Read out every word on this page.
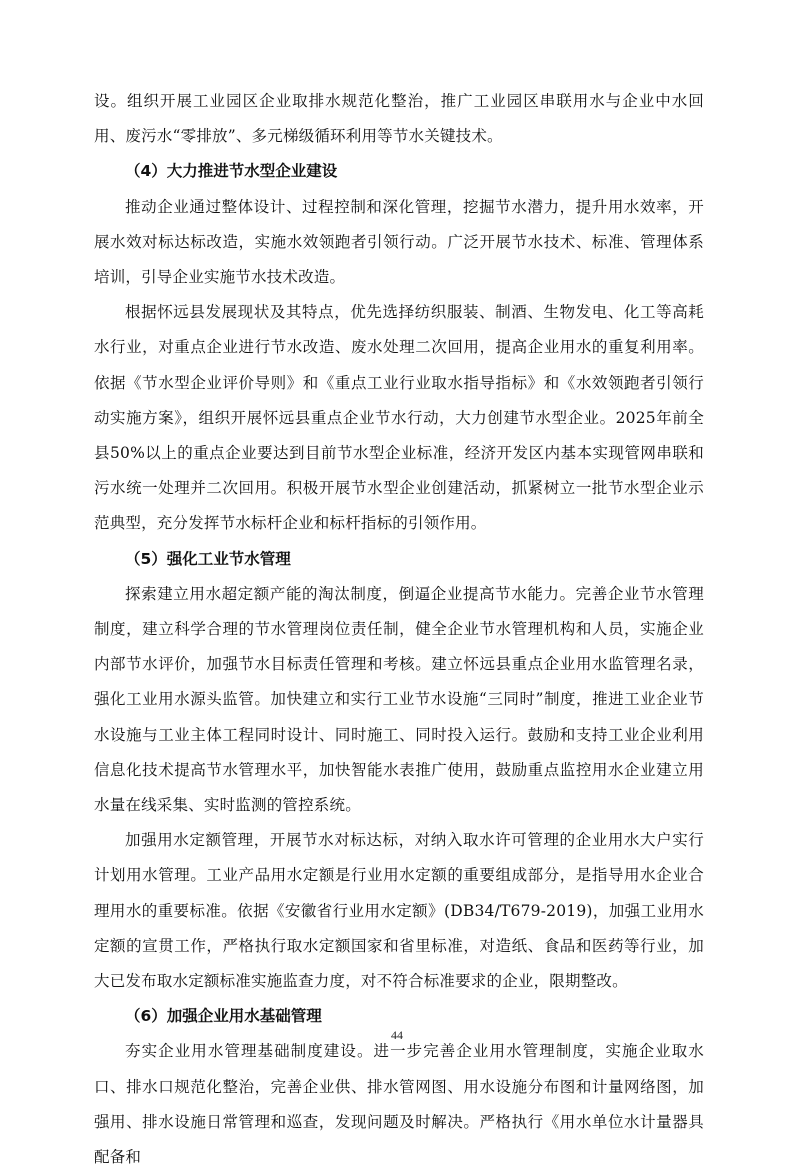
设。组织开展工业园区企业取排水规范化整治，推广工业园区串联用水与企业中水回用、废污水“零排放”、多元梯级循环利用等节水关键技术。

（4）大力推进节水型企业建设

推动企业通过整体设计、过程控制和深化管理，挖掘节水潜力，提升用水效率，开展水效对标达标改造，实施水效领跑者引领行动。广泛开展节水技术、标准、管理体系培训，引导企业实施节水技术改造。

根据怀远县发展现状及其特点，优先选择纺织服装、制酒、生物发电、化工等高耗水行业，对重点企业进行节水改造、废水处理二次回用，提高企业用水的重复利用率。依据《节水型企业评价导则》和《重点工业行业取水指导指标》和《水效领跑者引领行动实施方案》，组织开展怀远县重点企业节水行动，大力创建节水型企业。2025年前全县50%以上的重点企业要达到目前节水型企业标准，经济开发区内基本实现管网串联和污水统一处理并二次回用。积极开展节水型企业创建活动，抓紧树立一批节水型企业示范典型，充分发挥节水标杆企业和标杆指标的引领作用。

（5）强化工业节水管理

探索建立用水超定额产能的淘汰制度，倒逼企业提高节水能力。完善企业节水管理制度，建立科学合理的节水管理岗位责任制，健全企业节水管理机构和人员，实施企业内部节水评价，加强节水目标责任管理和考核。建立怀远县重点企业用水监管理名录，强化工业用水源头监管。加快建立和实行工业节水设施“三同时”制度，推进工业企业节水设施与工业主体工程同时设计、同时施工、同时投入运行。鼓励和支持工业企业利用信息化技术提高节水管理水平，加快智能水表推广使用，鼓励重点监控用水企业建立用水量在线采集、实时监测的管控系统。

加强用水定额管理，开展节水对标达标，对纳入取水许可管理的企业用水大户实行计划用水管理。工业产品用水定额是行业用水定额的重要组成部分，是指导用水企业合理用水的重要标准。依据《安徽省行业用水定额》(DB34/T679-2019)，加强工业用水定额的宣贯工作，严格执行取水定额国家和省里标准，对造纸、食品和医药等行业，加大已发布取水定额标准实施监查力度，对不符合标准要求的企业，限期整改。

（6）加强企业用水基础管理

夯实企业用水管理基础制度建设。进一步完善企业用水管理制度，实施企业取水口、排水口规范化整治，完善企业供、排水管网图、用水设施分布图和计量网络图，加强用、排水设施日常管理和巡查，发现问题及时解决。严格执行《用水单位水计量器具配备和

44
